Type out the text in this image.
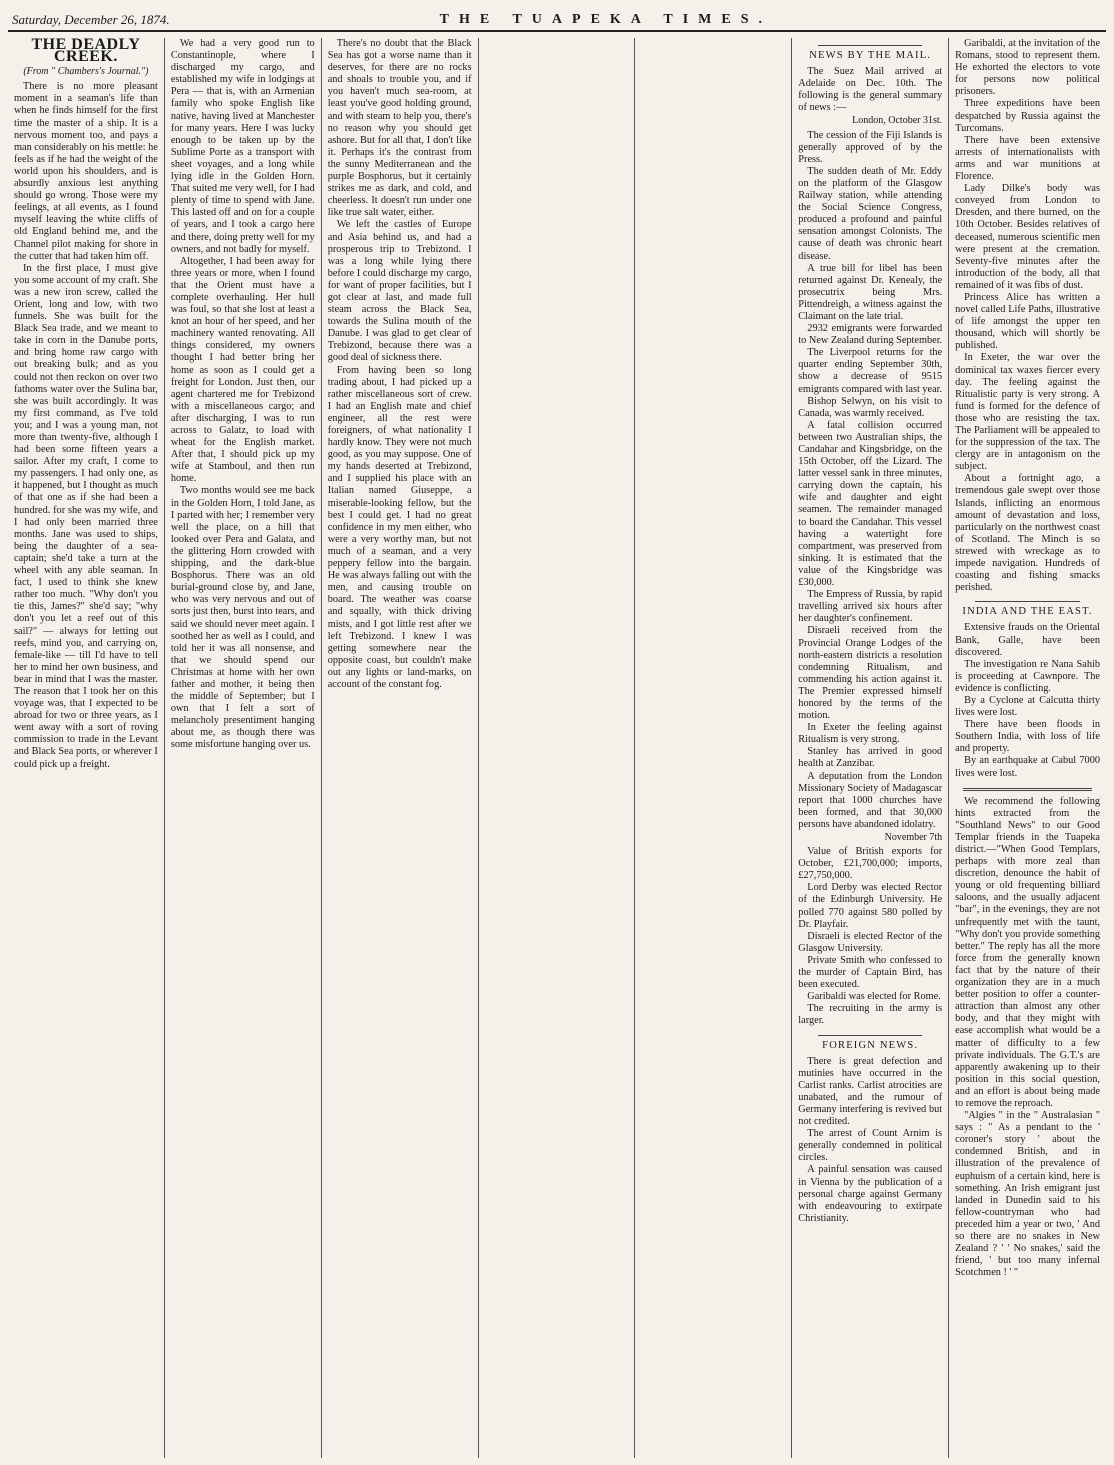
Saturday, December 26, 1874.	THE TUAPEKA TIMES.
THE DEADLY CREEK.
(From " Chambers's Journal.")

There is no more pleasant moment in a seaman's life than when he finds himself for the first time the master of a ship. It is a nervous moment too, and pays a man considerably on his mettle: he feels as if he had the weight of the world upon his shoulders, and is absurdly anxious lest anything should go wrong. Those were my feelings, at all events, as I found myself leaving the white cliffs of old England behind me, and the Channel pilot making for shore in the cutter that had taken him off.

In the first place, I must give you some account of my craft. She was a new iron screw, called the Orient, long and low, with two funnels. She was built for the Black Sea trade, and we meant to take in corn in the Danube ports, and bring home raw cargo with out breaking bulk; and as you could not then reckon on over two fathoms water over the Sulina bar, she was built accordingly. It was my first command, as I've told you; and I was a young man, not more than twenty-five, although I had been some fifteen years a sailor. After my craft, I come to my passengers. I had only one, as it happened, but I thought as much of that one as if she had been a hundred. for she was my wife, and I had only been married three months. Jane was used to ships, being the daughter of a sea-captain; she'd take a turn at the wheel with any able seaman. In fact, I used to think she knew rather too much. "Why don't you tie this, James?" she'd say; "why don't you let a reef out of this sail?" — always for letting out reefs, mind you, and carrying on, female-like — till I'd have to tell her to mind her own business, and bear in mind that I was the master. The reason that I took her on this voyage was, that I expected to be abroad for two or three years, as I went away with a sort of roving commission to trade in the Levant and Black Sea ports, or wherever I could pick up a freight.

We had a very good run to Constantinople, where I discharged my cargo, and established my wife in lodgings at Pera — that is, with an Armenian family who spoke English like native, having lived at Manchester for many years. Here I was lucky enough to be taken up by the Sublime Porte as a transport with sheet voyages, and a long while lying idle in the Golden Horn. That suited me very well, for I had plenty of time to spend with Jane. This lasted off and on for a couple of years, and I took a cargo here and there, doing pretty well for my owners, and not badly for myself.

Altogether, I had been away for three years or more, when I found that the Orient must have a complete overhauling. Her hull was foul, so that she lost at least a knot an hour of her speed, and her machinery wanted renovating. All things considered, my owners thought I had better bring her home as soon as I could get a freight for London. Just then, our agent chartered me for Trebizond with a miscellaneous cargo; and after discharging, I was to run across to Galatz, to load with wheat for the English market. After that, I should pick up my wife at Stamboul, and then run home.

Two months would see me back in the Golden Horn, I told Jane, as I parted with her; I remember very well the place, on a hill that looked over Pera and Galata, and the glittering Horn crowded with shipping, and the dark-blue Bosphorus. There was an old burial-ground close by, and Jane, who was very nervous and out of sorts just then, burst into tears, and said we should never meet again. I soothed her as well as I could, and told her it was all nonsense, and that we should spend our Christmas at home with her own father and mother, it being then the middle of September; but I own that I felt a sort of melancholy presentiment hanging about me, as though there was some misfortune hanging over us.

There's no doubt that the Black Sea has got a worse name than it deserves, for there are no rocks and shoals to trouble you, and if you haven't much sea-room, at least you've good holding ground, and with steam to help you, there's no reason why you should get ashore. But for all that, I don't like it. Perhaps it's the contrast from the sunny Mediterranean and the purple Bosphorus, but it certainly strikes me as dark, and cold, and cheerless. It doesn't run under one like true salt water, either.

We left the castles of Europe and Asia behind us, and had a prosperous trip to Trebizond. I was a long while lying there before I could discharge my cargo, for want of proper facilities, but I got clear at last, and made full steam across the Black Sea, towards the Sulina mouth of the Danube. I was glad to get clear of Trebizond, because there was a good deal of sickness there.

From having been so long trading about, I had picked up a rather miscellaneous sort of crew. I had an English mate and chief engineer, all the rest were foreigners, of what nationality I hardly know. They were not much good, as you may suppose. One of my hands deserted at Trebizond, and I supplied his place with an Italian named Giuseppe, a miserable-looking fellow, but the best I could get. I had no great confidence in my men either, who were a very worthy man, but not much of a seaman, and a very peppery fellow into the bargain. He was always falling out with the men, and causing trouble on board. The weather was coarse and squally, with thick driving mists, and I got little rest after we left Trebizond. I knew I was getting somewhere near the opposite coast, but couldn't make out any lights or land-marks, on account of the constant fog.

NEWS BY THE MAIL.

The Suez Mail arrived at Adelaide on Dec. 10th. The following is the general summary of news :—

London, October 31st.

The cession of the Fiji Islands is generally approved of by the Press.

The sudden death of Mr. Eddy on the platform of the Glasgow Railway station, while attending the Social Science Congress, produced a profound and painful sensation amongst Colonists. The cause of death was chronic heart disease.

A true bill for libel has been returned against Dr. Kenealy, the prosecutrix being Mrs. Pittendreigh, a witness against the Claimant on the late trial.

2932 emigrants were forwarded to New Zealand during September.

The Liverpool returns for the quarter ending September 30th, show a decrease of 9515 emigrants compared with last year.

Bishop Selwyn, on his visit to Canada, was warmly received.

A fatal collision occurred between two Australian ships, the Candahar and Kingsbridge, on the 15th October, off the Lizard. The latter vessel sank in three minutes, carrying down the captain, his wife and daughter and eight seamen. The remainder managed to board the Candahar. This vessel having a watertight fore compartment, was preserved from sinking. It is estimated that the value of the Kingsbridge was £30,000.

The Empress of Russia, by rapid travelling arrived six hours after her daughter's confinement.

Disraeli received from the Provincial Orange Lodges of the north-eastern districts a resolution condemning Ritualism, and commending his action against it. The Premier expressed himself honored by the terms of the motion.

In Exeter the feeling against Ritualism is very strong.

Stanley has arrived in good health at Zanzibar.

A deputation from the London Missionary Society of Madagascar report that 1000 churches have been formed, and that 30,000 persons have abandoned idolatry.

November 7th

Value of British exports for October, £21,700,000; imports, £27,750,000.

Lord Derby was elected Rector of the Edinburgh University. He polled 770 against 580 polled by Dr. Playfair.

Disraeli is elected Rector of the Glasgow University.

Private Smith who confessed to the murder of Captain Bird, has been executed.

Garibaldi was elected for Rome.

The recruiting in the army is larger.

FOREIGN NEWS.

There is great defection and mutinies have occurred in the Carlist ranks. Carlist atrocities are unabated, and the rumour of Germany interfering is revived but not credited.

The arrest of Count Arnim is generally condemned in political circles.

A painful sensation was caused in Vienna by the publication of a personal charge against Germany with endeavouring to extirpate Christianity.

Garibaldi, at the invitation of the Romans, stood to represent them. He exhorted the electors to vote for persons now political prisoners.

Three expeditions have been despatched by Russia against the Turcomans.

There have been extensive arrests of internationalists with arms and war munitions at Florence.

Lady Dilke's body was conveyed from London to Dresden, and there burned, on the 10th October. Besides relatives of deceased, numerous scientific men were present at the cremation. Seventy-five minutes after the introduction of the body, all that remained of it was fibs of dust.

Princess Alice has written a novel called Life Paths, illustrative of life amongst the upper ten thousand, which will shortly be published.

In Exeter, the war over the dominical tax waxes fiercer every day. The feeling against the Ritualistic party is very strong. A fund is formed for the defence of those who are resisting the tax. The Parliament will be appealed to for the suppression of the tax. The clergy are in antagonism on the subject.

About a fortnight ago, a tremendous gale swept over those Islands, inflicting an enormous amount of devastation and loss, particularly on the northwest coast of Scotland. The Minch is so strewed with wreckage as to impede navigation. Hundreds of coasting and fishing smacks perished.

INDIA AND THE EAST.

Extensive frauds on the Oriental Bank, Galle, have been discovered.

The investigation re Nana Sahib is proceeding at Cawnpore. The evidence is conflicting.

By a Cyclone at Calcutta thirty lives were lost.

There have been floods in Southern India, with loss of life and property.

By an earthquake at Cabul 7000 lives were lost.

We recommend the following hints extracted from the "Southland News" to our Good Templar friends in the Tuapeka district.—"When Good Templars, perhaps with more zeal than discretion, denounce the habit of young or old frequenting billiard saloons, and the usually adjacent "bar", in the evenings, they are not unfrequently met with the taunt, "Why don't you provide something better." The reply has all the more force from the generally known fact that by the nature of their organization they are in a much better position to offer a counter-attraction than almost any other body, and that they might with ease accomplish what would be a matter of difficulty to a few private individuals. The G.T.'s are apparently awakening up to their position in this social question, and an effort is about being made to remove the reproach.

"Algies " in the " Australasian " says : " As a pendant to the ' coroner's story ' about the condemned British, and in illustration of the prevalence of euphuism of a certain kind, here is something. An Irish emigrant just landed in Dunedin said to his fellow-countryman who had preceded him a year or two, ' And so there are no snakes in New Zealand ? ' ' No snakes,' said the friend, ' but too many infernal Scotchmen ! ' "
